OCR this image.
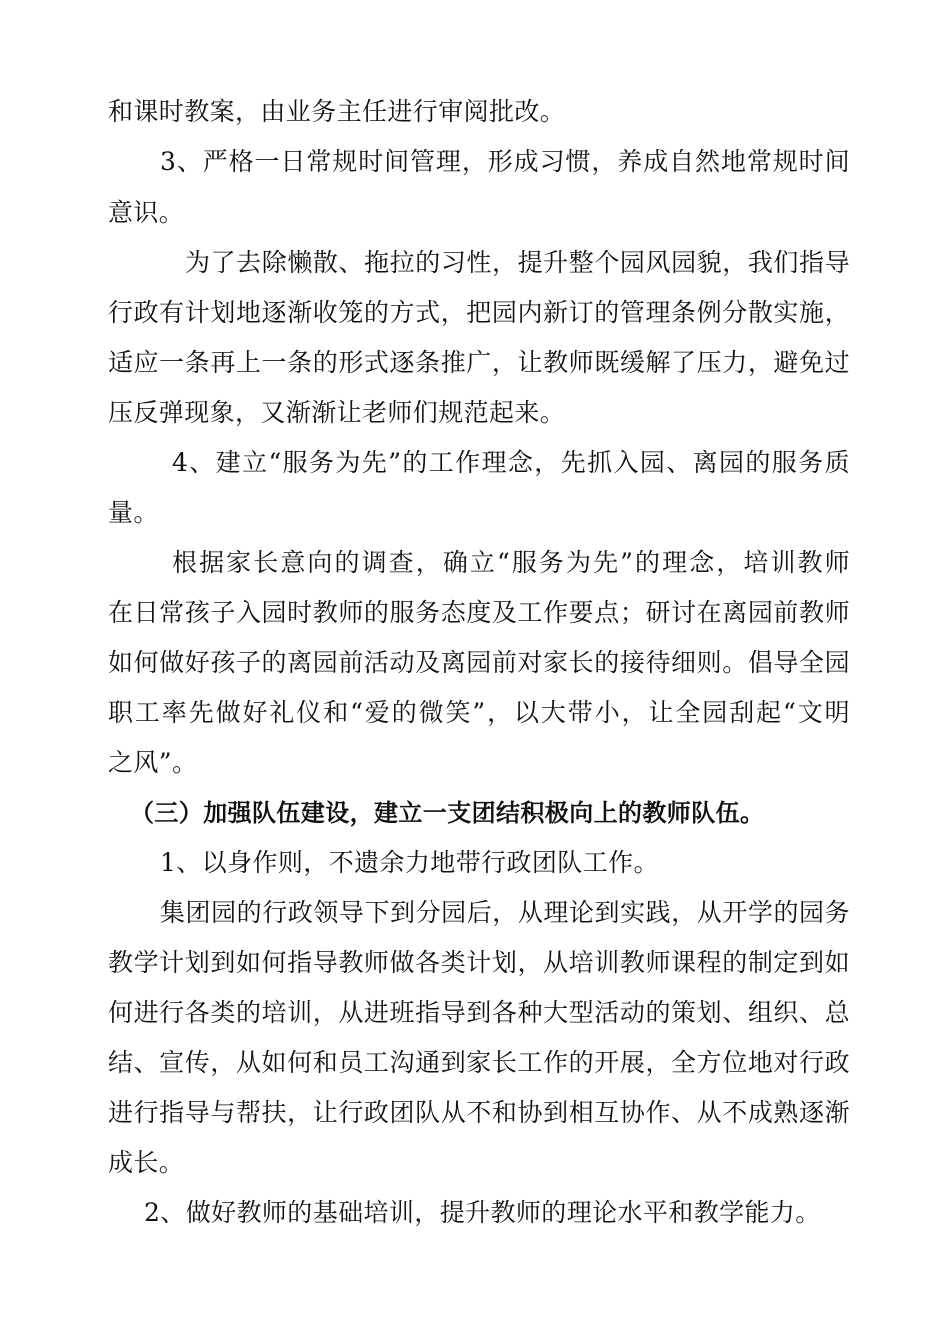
和课时教案，由业务主任进行审阅批改。
3、严格一日常规时间管理，形成习惯，养成自然地常规时间
意识。
为了去除懒散、拖拉的习性，提升整个园风园貌，我们指导
行政有计划地逐渐收笼的方式，把园内新订的管理条例分散实施，
适应一条再上一条的形式逐条推广，让教师既缓解了压力，避免过
压反弹现象，又渐渐让老师们规范起来。
4、建立“服务为先”的工作理念，先抓入园、离园的服务质
量。
根据家长意向的调查，确立“服务为先”的理念，培训教师
在日常孩子入园时教师的服务态度及工作要点；研讨在离园前教师
如何做好孩子的离园前活动及离园前对家长的接待细则。倡导全园
职工率先做好礼仪和“爱的微笑”，以大带小，让全园刮起“文明
之风”。
（三）加强队伍建设，建立一支团结积极向上的教师队伍。
1、以身作则，不遗余力地带行政团队工作。
集团园的行政领导下到分园后，从理论到实践，从开学的园务
教学计划到如何指导教师做各类计划，从培训教师课程的制定到如
何进行各类的培训，从进班指导到各种大型活动的策划、组织、总
结、宣传，从如何和员工沟通到家长工作的开展，全方位地对行政
进行指导与帮扶，让行政团队从不和协到相互协作、从不成熟逐渐
成长。
2、做好教师的基础培训，提升教师的理论水平和教学能力。
